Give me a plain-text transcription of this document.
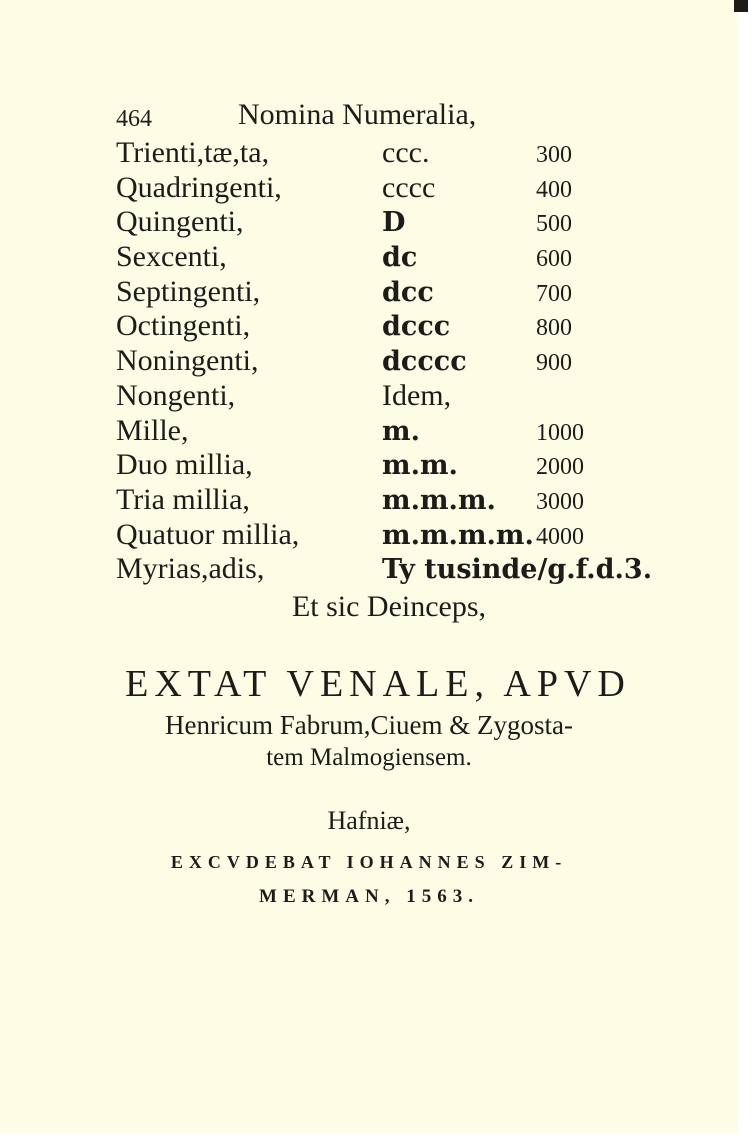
464	Nomina Numeralia,
Trienti,tæ,ta,	ccc.	300
Quadringenti,	cccc	400
Quingenti,	D	500
Sexcenti,	dc	600
Septingenti,	dcc	700
Octingenti,	dccc	800
Noningenti,	dcccc	900
Nongenti,	Idem,
Mille,	m.	1000
Duo millia,	m.m.	2000
Tria millia,	m.m.m. 3000
Quatuor millia,	m.m.m.m. 4000
Myrias,adis,	Ty tusinde/g.f.d.3.
Et sic Deinceps,
EXTAT VENALE, APVD
Henricum Fabrum,Ciuem & Zygosta-
tem Malmogiensem.
Hafniæ,
EXCVDEBAT IOHANNES ZIM-
MERMAN, 1563.
